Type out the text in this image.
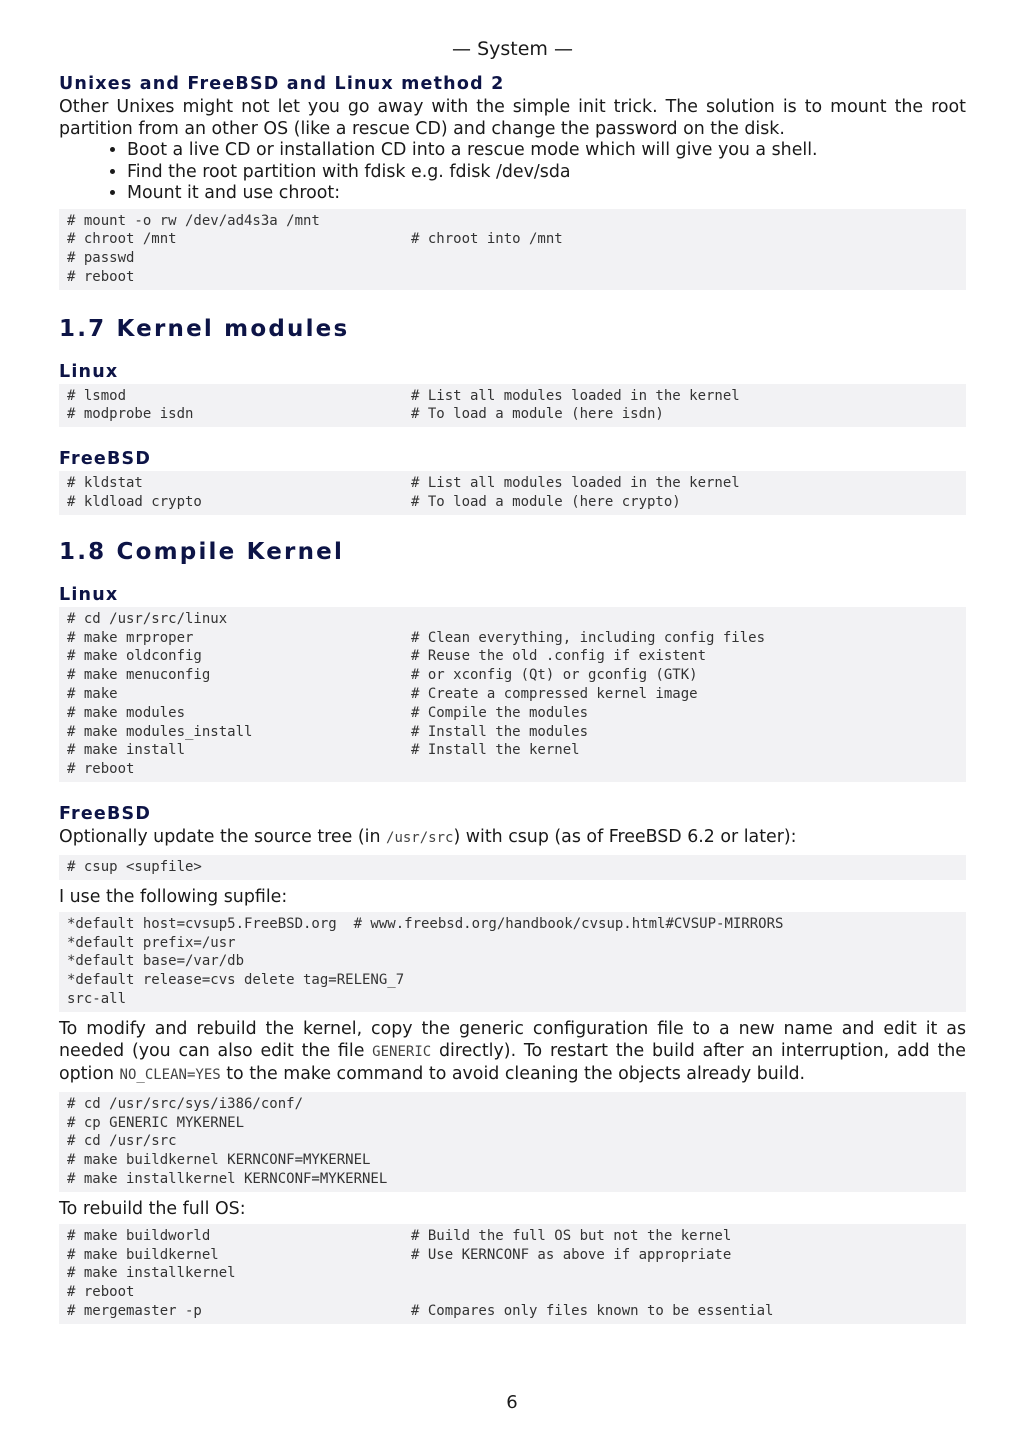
— System —
Unixes and FreeBSD and Linux method 2

Other Unixes might not let you go away with the simple init trick. The solution is to mount the root partition from an other OS (like a rescue CD) and change the password on the disk.

• Boot a live CD or installation CD into a rescue mode which will give you a shell.
• Find the root partition with fdisk e.g. fdisk /dev/sda
• Mount it and use chroot:
# mount -o rw /dev/ad4s3a /mnt
# chroot /mnt	# chroot into /mnt
# passwd
# reboot
1.7 Kernel modules
Linux
# lsmod	# List all modules loaded in the kernel
# modprobe isdn	# To load a module (here isdn)
FreeBSD
# kldstat	# List all modules loaded in the kernel
# kldload crypto	# To load a module (here crypto)
1.8 Compile Kernel
Linux
# cd /usr/src/linux
# make mrproper	# Clean everything, including config files
# make oldconfig	# Reuse the old .config if existent
# make menuconfig	# or xconfig (Qt) or gconfig (GTK)
# make	# Create a compressed kernel image
# make modules	# Compile the modules
# make modules_install	# Install the modules
# make install	# Install the kernel
# reboot
FreeBSD

Optionally update the source tree (in /usr/src) with csup (as of FreeBSD 6.2 or later):

# csup <supfile>

I use the following supfile:

*default host=cvsup5.FreeBSD.org  # www.freebsd.org/handbook/cvsup.html#CVSUP-MIRRORS
*default prefix=/usr
*default base=/var/db
*default release=cvs delete tag=RELENG_7
src-all

To modify and rebuild the kernel, copy the generic configuration file to a new name and edit it as needed (you can also edit the file GENERIC directly). To restart the build after an interruption, add the option NO_CLEAN=YES to the make command to avoid cleaning the objects already build.

# cd /usr/src/sys/i386/conf/
# cp GENERIC MYKERNEL
# cd /usr/src
# make buildkernel KERNCONF=MYKERNEL
# make installkernel KERNCONF=MYKERNEL

To rebuild the full OS:

# make buildworld	# Build the full OS but not the kernel
# make buildkernel	# Use KERNCONF as above if appropriate
# make installkernel
# reboot
# mergemaster -p	# Compares only files known to be essential
6
